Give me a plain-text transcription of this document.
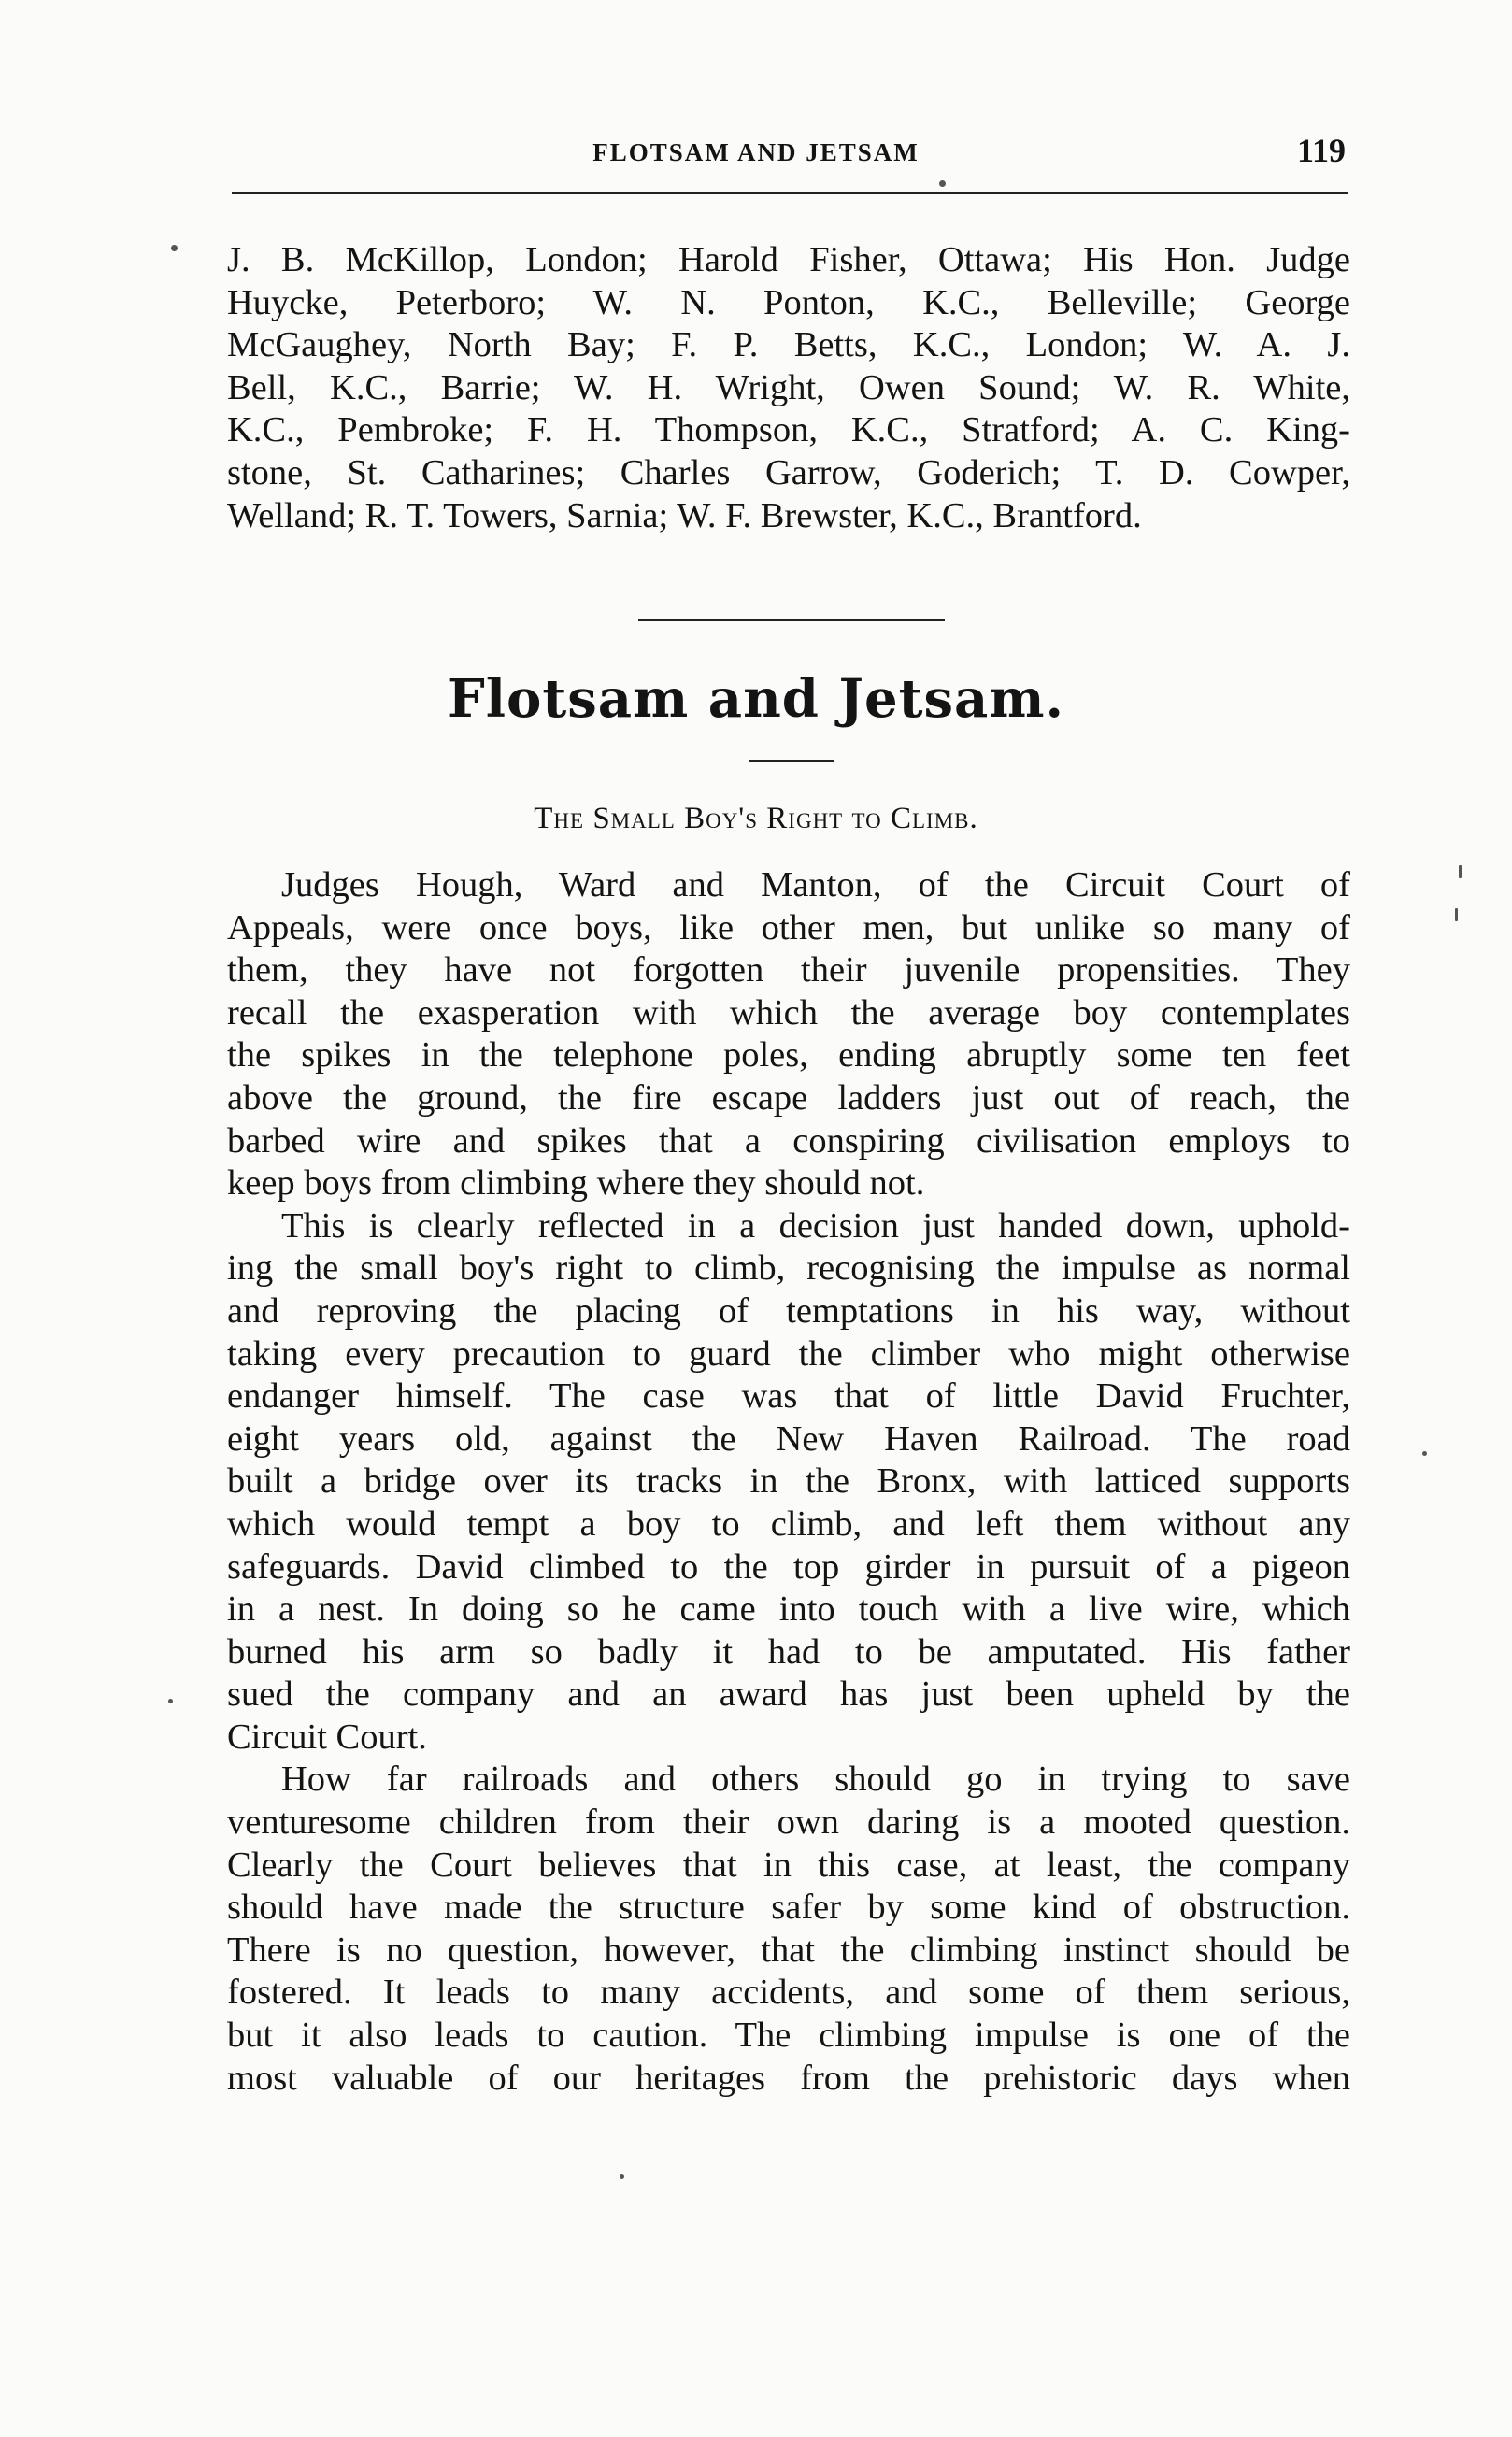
FLOTSAM AND JETSAM	119
J. B. McKillop, London; Harold Fisher, Ottawa; His Hon. Judge
Huycke, Peterboro; W. N. Ponton, K.C., Belleville; George
McGaughey, North Bay; F. P. Betts, K.C., London; W. A. J.
Bell, K.C., Barrie; W. H. Wright, Owen Sound; W. R. White,
K.C., Pembroke; F. H. Thompson, K.C., Stratford; A. C. King-
stone, St. Catharines; Charles Garrow, Goderich; T. D. Cowper,
Welland; R. T. Towers, Sarnia; W. F. Brewster, K.C., Brantford.
Flotsam and Jetsam.
The Small Boy's Right to Climb.
Judges Hough, Ward and Manton, of the Circuit Court of
Appeals, were once boys, like other men, but unlike so many of
them, they have not forgotten their juvenile propensities. They
recall the exasperation with which the average boy contemplates
the spikes in the telephone poles, ending abruptly some ten feet
above the ground, the fire escape ladders just out of reach, the
barbed wire and spikes that a conspiring civilisation employs to
keep boys from climbing where they should not.
This is clearly reflected in a decision just handed down, uphold-
ing the small boy's right to climb, recognising the impulse as normal
and reproving the placing of temptations in his way, without
taking every precaution to guard the climber who might otherwise
endanger himself. The case was that of little David Fruchter,
eight years old, against the New Haven Railroad. The road
built a bridge over its tracks in the Bronx, with latticed supports
which would tempt a boy to climb, and left them without any
safeguards. David climbed to the top girder in pursuit of a pigeon
in a nest. In doing so he came into touch with a live wire, which
burned his arm so badly it had to be amputated. His father
sued the company and an award has just been upheld by the
Circuit Court.
How far railroads and others should go in trying to save
venturesome children from their own daring is a mooted question.
Clearly the Court believes that in this case, at least, the company
should have made the structure safer by some kind of obstruction.
There is no question, however, that the climbing instinct should be
fostered. It leads to many accidents, and some of them serious,
but it also leads to caution. The climbing impulse is one of the
most valuable of our heritages from the prehistoric days when
